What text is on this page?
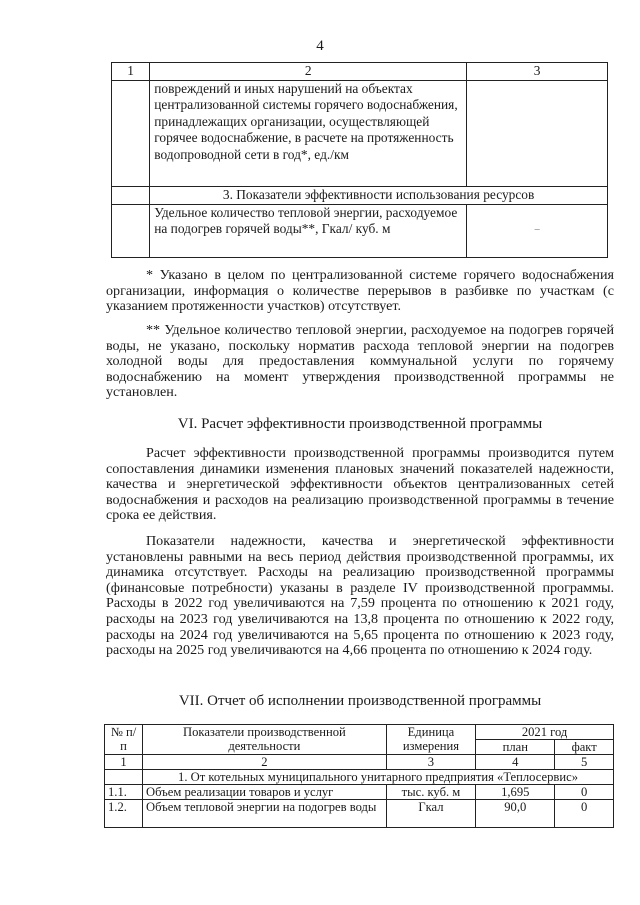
4
1	2	3
	повреждений и иных нарушений на объектах централизованной системы горячего водоснабжения, принадлежащих организации, осуществляющей горячее водоснабжение, в расчете на протяженность водопроводной сети в год*, ед./км	
	3. Показатели эффективности использования ресурсов	
	Удельное количество тепловой энергии, расходуемое на подогрев горячей воды**, Гкал/ куб. м	–

* Указано в целом по централизованной системе горячего водоснабжения организации, информация о количестве перерывов в разбивке по участкам (с указанием протяженности участков) отсутствует.

** Удельное количество тепловой энергии, расходуемое на подогрев горячей воды, не указано, поскольку норматив расхода тепловой энергии на подогрев холодной воды для предоставления коммунальной услуги по горячему водоснабжению на момент утверждения производственной программы не установлен.

VI. Расчет эффективности производственной программы

Расчет эффективности производственной программы производится путем сопоставления динамики изменения плановых значений показателей надежности, качества и энергетической эффективности объектов централизованных сетей водоснабжения и расходов на реализацию производственной программы в течение срока ее действия.

Показатели надежности, качества и энергетической эффективности установлены равными на весь период действия производственной программы, их динамика отсутствует. Расходы на реализацию производственной программы (финансовые потребности) указаны в разделе IV производственной программы. Расходы в 2022 год увеличиваются на 7,59 процента по отношению к 2021 году, расходы на 2023 год увеличиваются на 13,8 процента по отношению к 2022 году, расходы на 2024 год увеличиваются на 5,65 процента по отношению к 2023 году, расходы на 2025 год увеличиваются на 4,66 процента по отношению к 2024 году.

VII. Отчет об исполнении производственной программы

№ п/п	Показатели производственной деятельности	Единица измерения	2021 год	
			план	факт
1	2	3	4	5
	1. От котельных муниципального унитарного предприятия «Теплосервис»			
1.1.	Объем реализации товаров и услуг	тыс. куб. м	1,695	0
1.2.	Объем тепловой энергии на подогрев воды	Гкал	90,0	0
